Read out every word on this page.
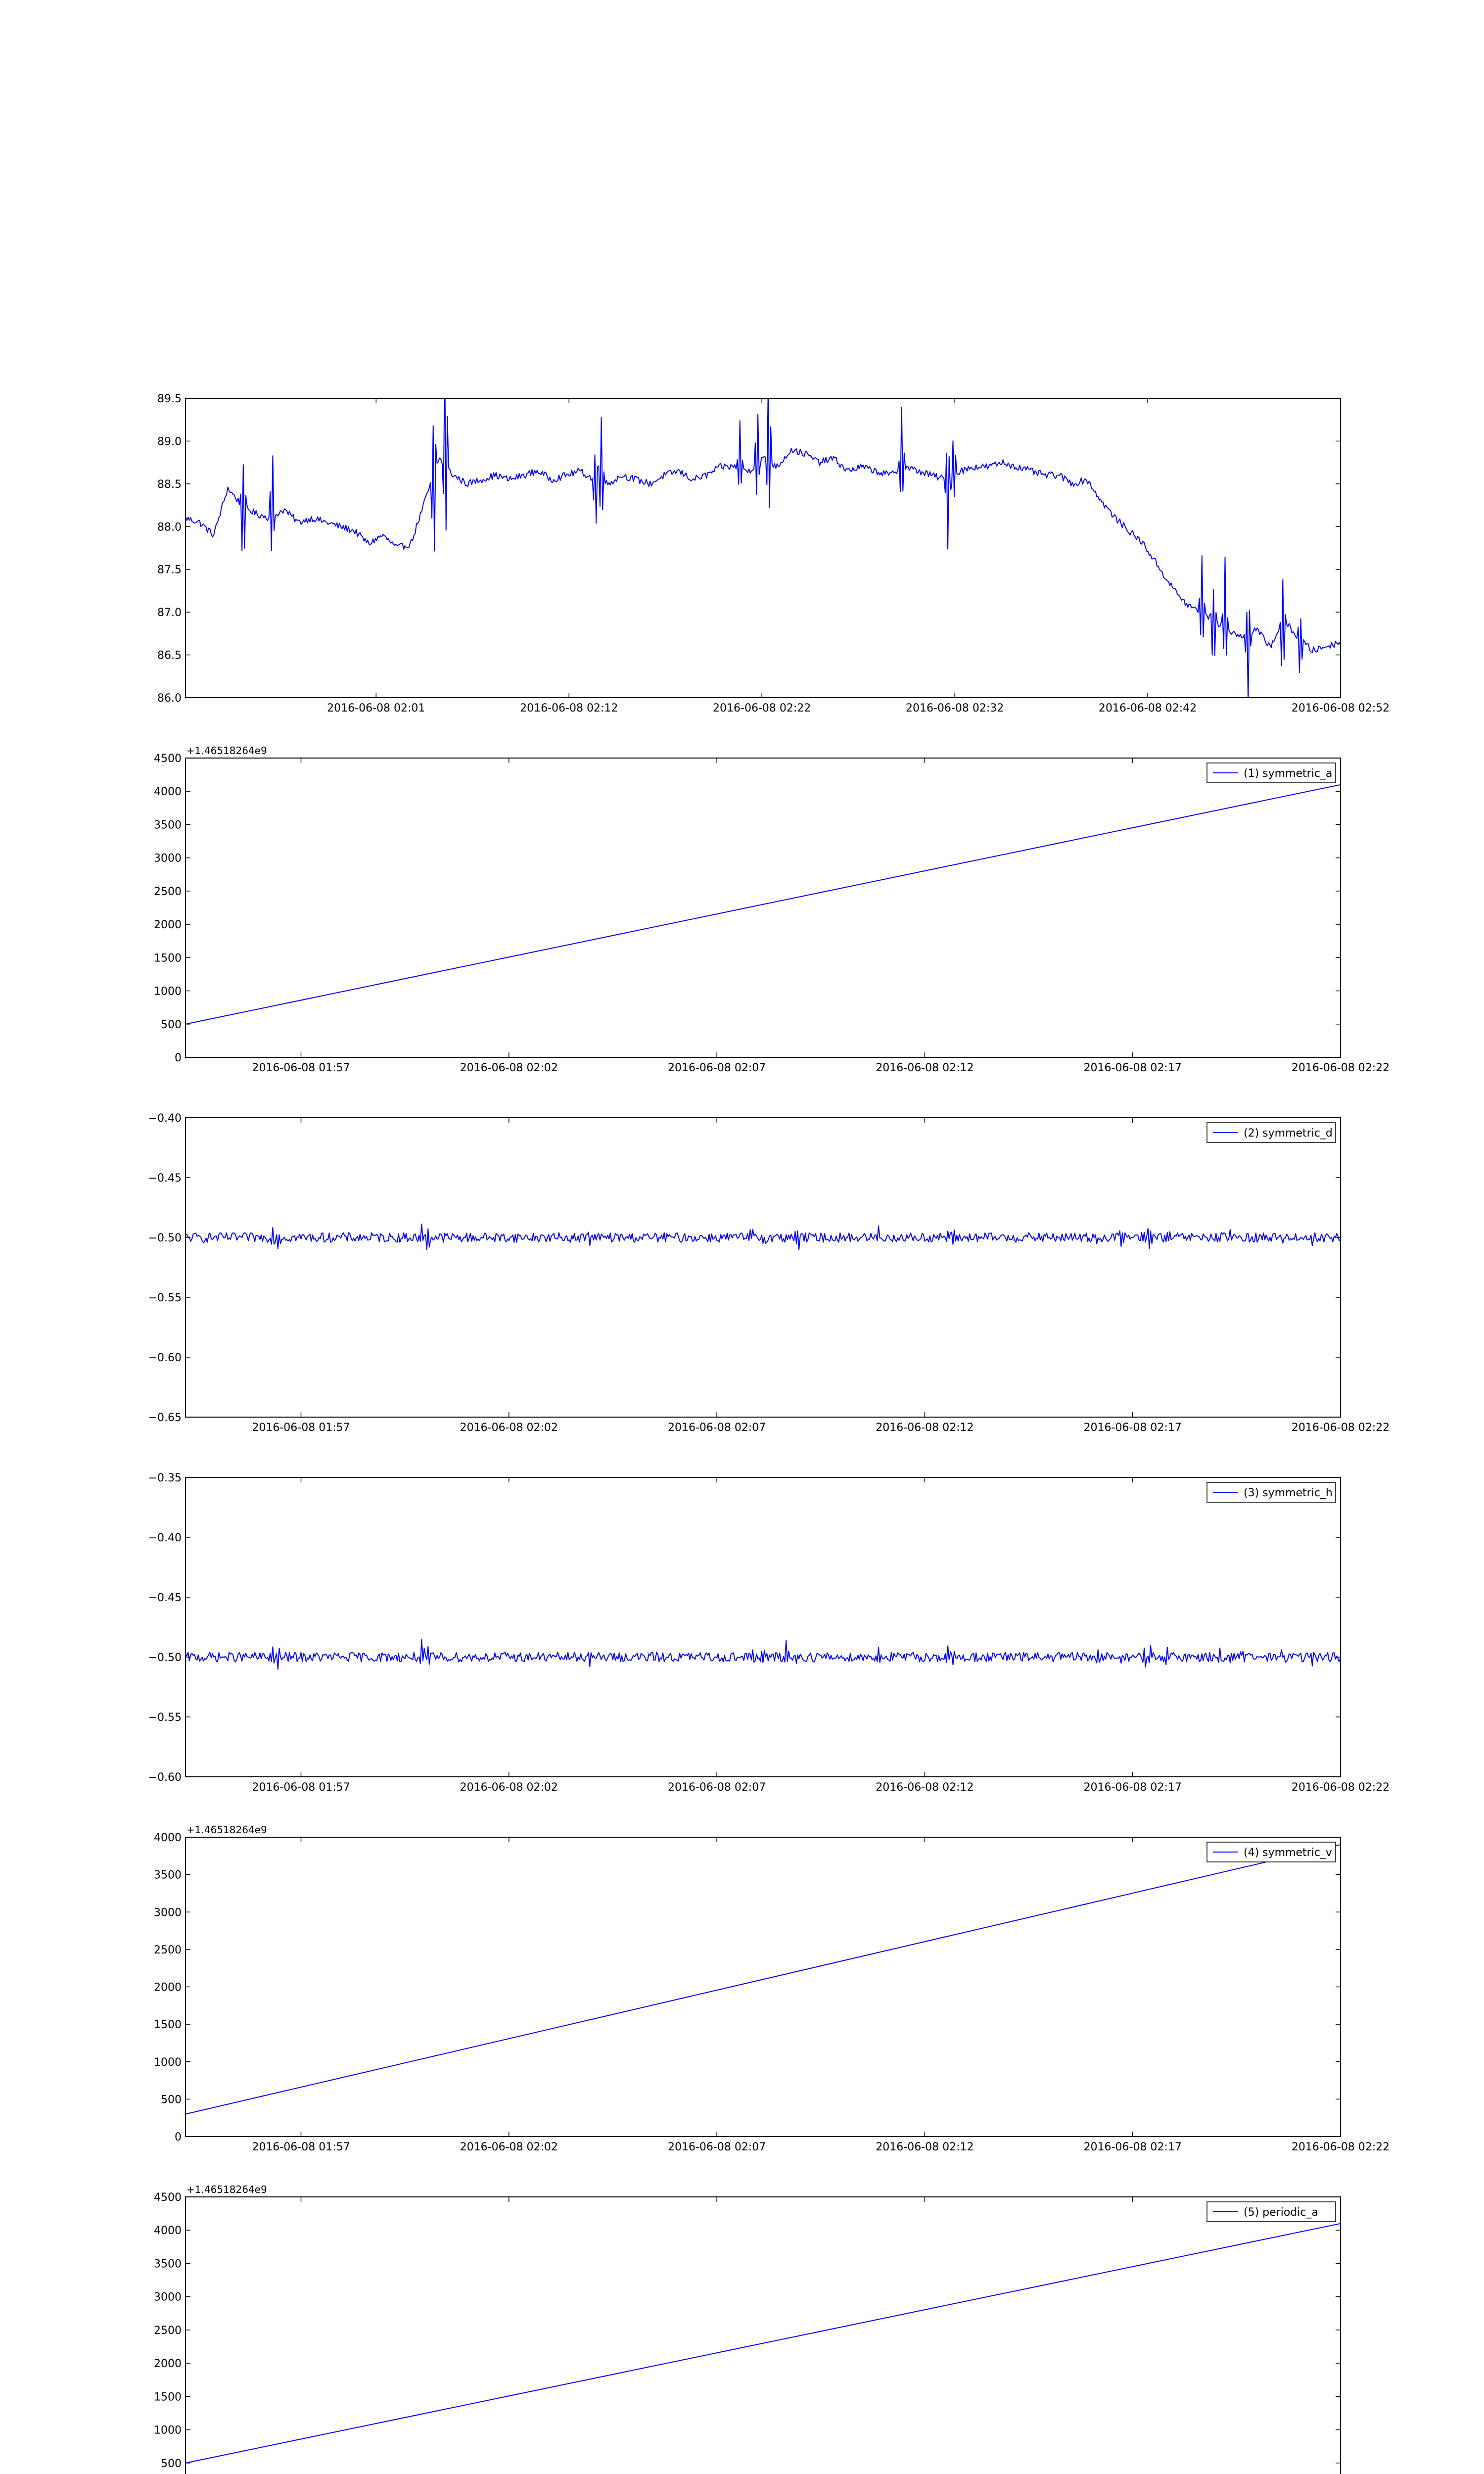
86.0
86.5
87.0
87.5
88.0
88.5
89.0
89.5
2016-06-08 02:01	2016-06-08 02:12	2016-06-08 02:22	2016-06-08 02:32	2016-06-08 02:42	2016-06-08 02:52
0
500
1000
1500
2000
2500
3000
3500
4000
4500
2016-06-08 01:57	2016-06-08 02:02	2016-06-08 02:07	2016-06-08 02:12	2016-06-08 02:17	2016-06-08 02:22
+1.46518264e9
(1) symmetric_a
−0.65
−0.60
−0.55
−0.50
−0.45
−0.40
2016-06-08 01:57	2016-06-08 02:02	2016-06-08 02:07	2016-06-08 02:12	2016-06-08 02:17	2016-06-08 02:22
(2) symmetric_d
−0.60
−0.55
−0.50
−0.45
−0.40
−0.35
2016-06-08 01:57	2016-06-08 02:02	2016-06-08 02:07	2016-06-08 02:12	2016-06-08 02:17	2016-06-08 02:22
(3) symmetric_h
0
500
1000
1500
2000
2500
3000
3500
4000
2016-06-08 01:57	2016-06-08 02:02	2016-06-08 02:07	2016-06-08 02:12	2016-06-08 02:17	2016-06-08 02:22
+1.46518264e9
(4) symmetric_v
500
1000
1500
2000
2500
3000
3500
4000
4500
+1.46518264e9
(5) periodic_a
